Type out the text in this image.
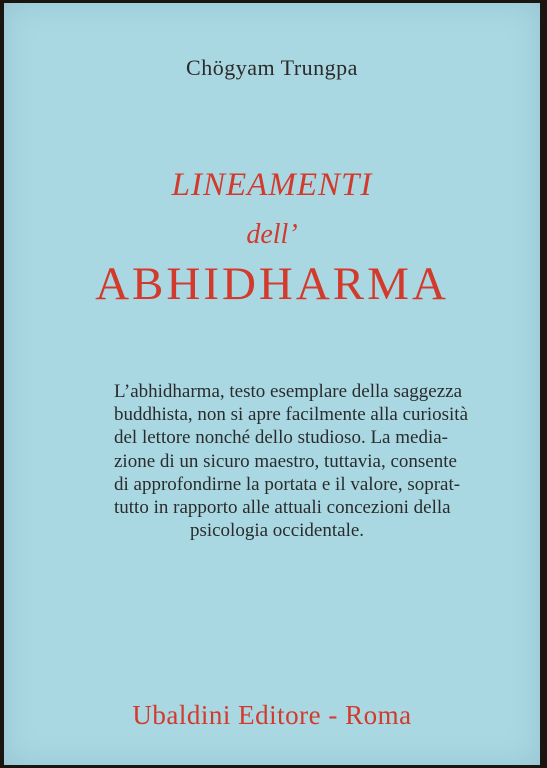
Chögyam Trungpa
LINEAMENTI
dell’
ABHIDHARMA
L’abhidharma, testo esemplare della saggezza
buddhista, non si apre facilmente alla curiosità
del lettore nonché dello studioso. La media-
zione di un sicuro maestro, tuttavia, consente
di approfondirne la portata e il valore, soprat-
tutto in rapporto alle attuali concezioni della
psicologia occidentale.
Ubaldini Editore - Roma
